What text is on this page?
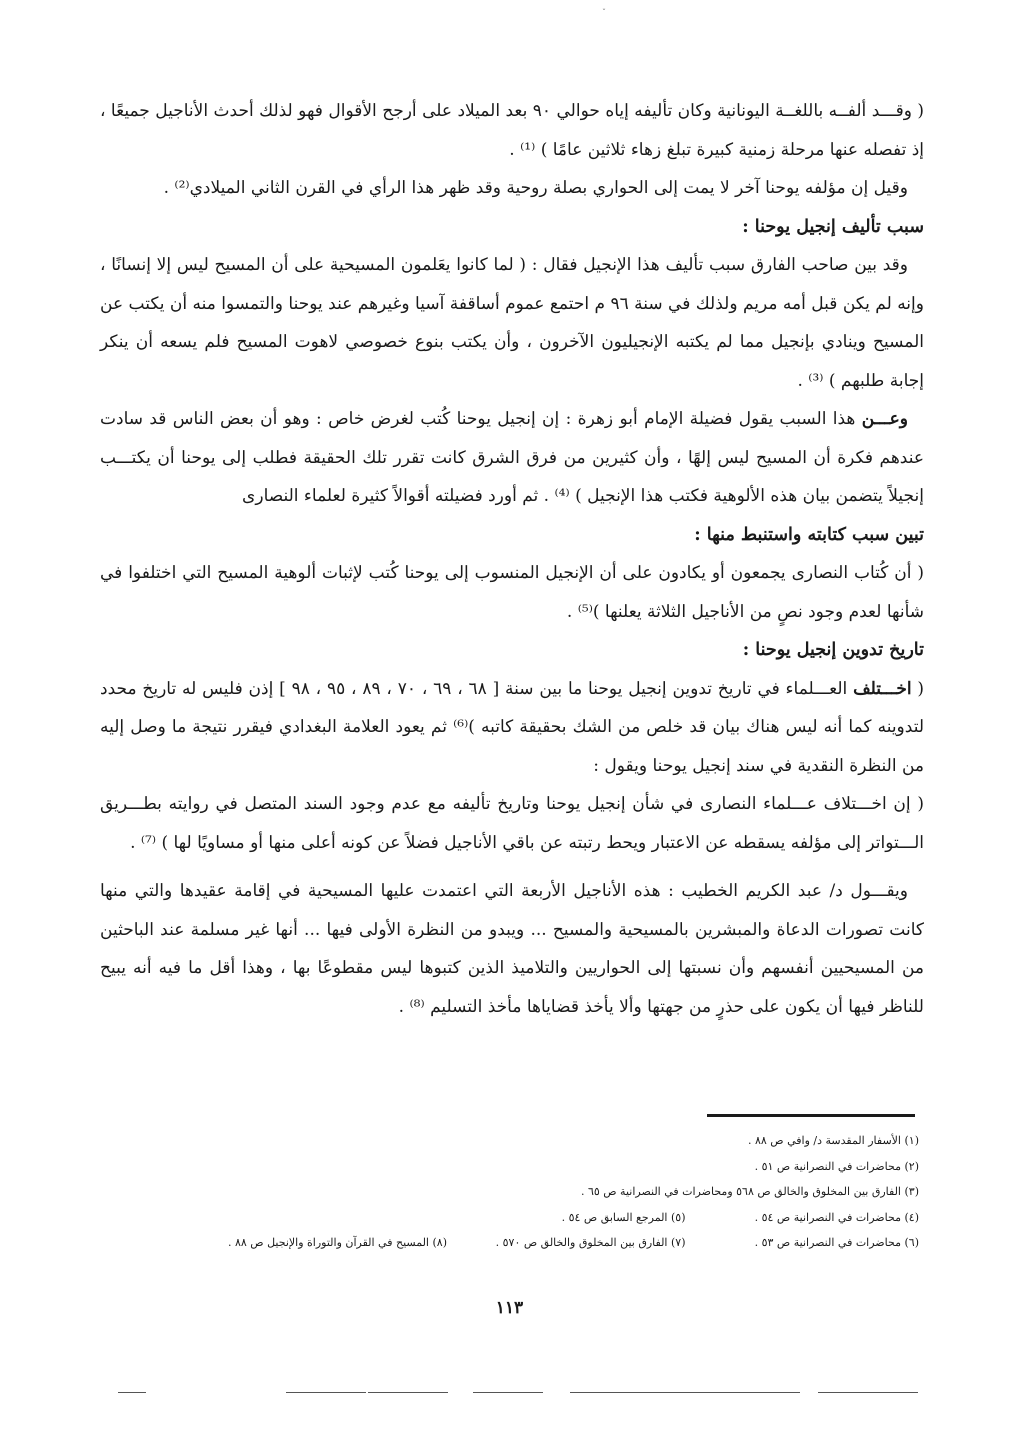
ˇ

( وقـــد ألفــه باللغــة اليونانية وكان تأليفه إياه حوالي ٩٠ بعد الميلاد على أرجح الأقوال فهو لذلك أحدث الأناجيل جميعًا ، إذ تفصله عنها مرحلة زمنية كبيرة تبلغ زهاء ثلاثين عامًا ) ⁽¹⁾ .

وقيل إن مؤلفه يوحنا آخر لا يمت إلى الحواري بصلة روحية وقد ظهر هذا الرأي في القرن الثاني الميلادي⁽²⁾ .

سبب تأليف إنجيل يوحنا :

وقد بين صاحب الفارق سبب تأليف هذا الإنجيل فقال : ( لما كانوا يعَلمون المسيحية على أن المسيح ليس إلا إنسانًا ، وإنه لم يكن قبل أمه مريم ولذلك في سنة ٩٦ م احتمع عموم أساقفة آسيا وغيرهم عند يوحنا والتمسوا منه أن يكتب عن المسيح وينادي بإنجيل مما لم يكتبه الإنجيليون الآخرون ، وأن يكتب بنوع خصوصي لاهوت المسيح فلم يسعه أن ينكر إجابة طلبهم ) ⁽³⁾ .

وعـــن هذا السبب يقول فضيلة الإمام أبو زهرة : إن إنجيل يوحنا كُتب لغرض خاص : وهو أن بعض الناس قد سادت عندهم فكرة أن المسيح ليس إلهًا ، وأن كثيرين من فرق الشرق كانت تقرر تلك الحقيقة فطلب إلى يوحنا أن يكتـــب إنجيلاً يتضمن بيان هذه الألوهية فكتب هذا الإنجيل ) ⁽⁴⁾ . ثم أورد فضيلته أقوالاً كثيرة لعلماء النصارى

تبين سبب كتابته واستنبط منها :

( أن كُتاب النصارى يجمعون أو يكادون على أن الإنجيل المنسوب إلى يوحنا كُتب لإثبات ألوهية المسيح التي اختلفوا في شأنها لعدم وجود نصٍ من الأناجيل الثلاثة يعلنها )⁽⁵⁾ .

تاريخ تدوين إنجيل يوحنا :

( اخـــتلف العـــلماء في تاريخ تدوين إنجيل يوحنا ما بين سنة [ ٦٨ ، ٦٩ ، ٧٠ ، ٨٩ ، ٩٥ ، ٩٨ ] إذن فليس له تاريخ محدد لتدوينه كما أنه ليس هناك بيان قد خلص من الشك بحقيقة كاتبه )⁽⁶⁾ ثم يعود العلامة البغدادي فيقرر نتيجة ما وصل إليه من النظرة النقدية في سند إنجيل يوحنا ويقول :

( إن اخـــتلاف عـــلماء النصارى في شأن إنجيل يوحنا وتاريخ تأليفه مع عدم وجود السند المتصل في روايته بطـــريق الـــتواتر إلى مؤلفه يسقطه عن الاعتبار ويحط رتبته عن باقي الأناجيل فضلاً عن كونه أعلى منها أو مساويًا لها ) ⁽⁷⁾ .

ويقـــول د/ عبد الكريم الخطيب : هذه الأناجيل الأربعة التي اعتمدت عليها المسيحية في إقامة عقيدها والتي منها كانت تصورات الدعاة والمبشرين بالمسيحية والمسيح ... ويبدو من النظرة الأولى فيها ... أنها غير مسلمة عند الباحثين من المسيحيين أنفسهم وأن نسبتها إلى الحواريين والتلاميذ الذين كتبوها ليس مقطوعًا بها ، وهذا أقل ما فيه أنه يبيح للناظر فيها أن يكون على حذرٍ من جهتها وألا يأخذ قضاياها مأخذ التسليم ⁽⁸⁾ .

(١) الأسفار المقدسة د/ وافي ص ٨٨ .
(٢) محاضرات في النصرانية ص ٥١ .
(٣) الفارق بين المخلوق والخالق ص ٥٦٨ ومحاضرات في النصرانية ص ٦٥ .
(٤) محاضرات في النصرانية ص ٥٤ . (٥) المرجع السابق ص ٥٤ .
(٦) محاضرات في النصرانية ص ٥٣ . (٧) الفارق بين المخلوق والخالق ص ٥٧٠ . (٨) المسيح في القرآن والتوراة والإنجيل ص ٨٨ .
١١٣
